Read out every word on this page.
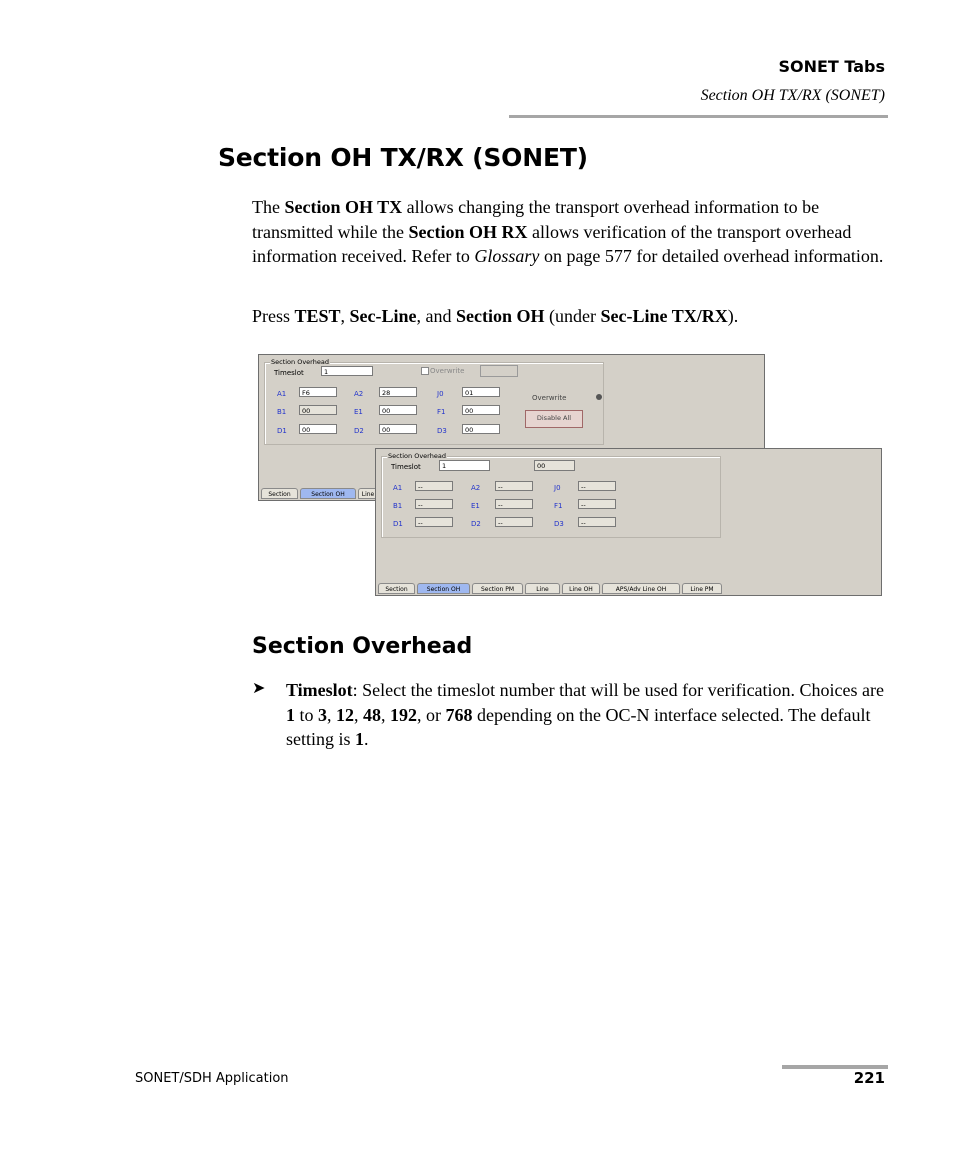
SONET Tabs
Section OH TX/RX (SONET)
Section OH TX/RX (SONET)
The Section OH TX allows changing the transport overhead information to be transmitted while the Section OH RX allows verification of the transport overhead information received. Refer to Glossary on page 577 for detailed overhead information.
Press TEST, Sec-Line, and Section OH (under Sec-Line TX/RX).
Section Overhead
Timeslot	1	Overwrite
A1	F6	A2	28	J0	01
B1	00	E1	00	F1	00
D1	00	D2	00	D3	00
Overwrite
Disable All
Section	Section OH	Line
Section Overhead
Timeslot	1	00
A1	--	A2	--	J0	--
B1	--	E1	--	F1	--
D1	--	D2	--	D3	--
Section	Section OH	Section PM	Line	Line OH	APS/Adv Line OH	Line PM
Section Overhead
➤ Timeslot: Select the timeslot number that will be used for verification. Choices are 1 to 3, 12, 48, 192, or 768 depending on the OC-N interface selected. The default setting is 1.
SONET/SDH Application	221
